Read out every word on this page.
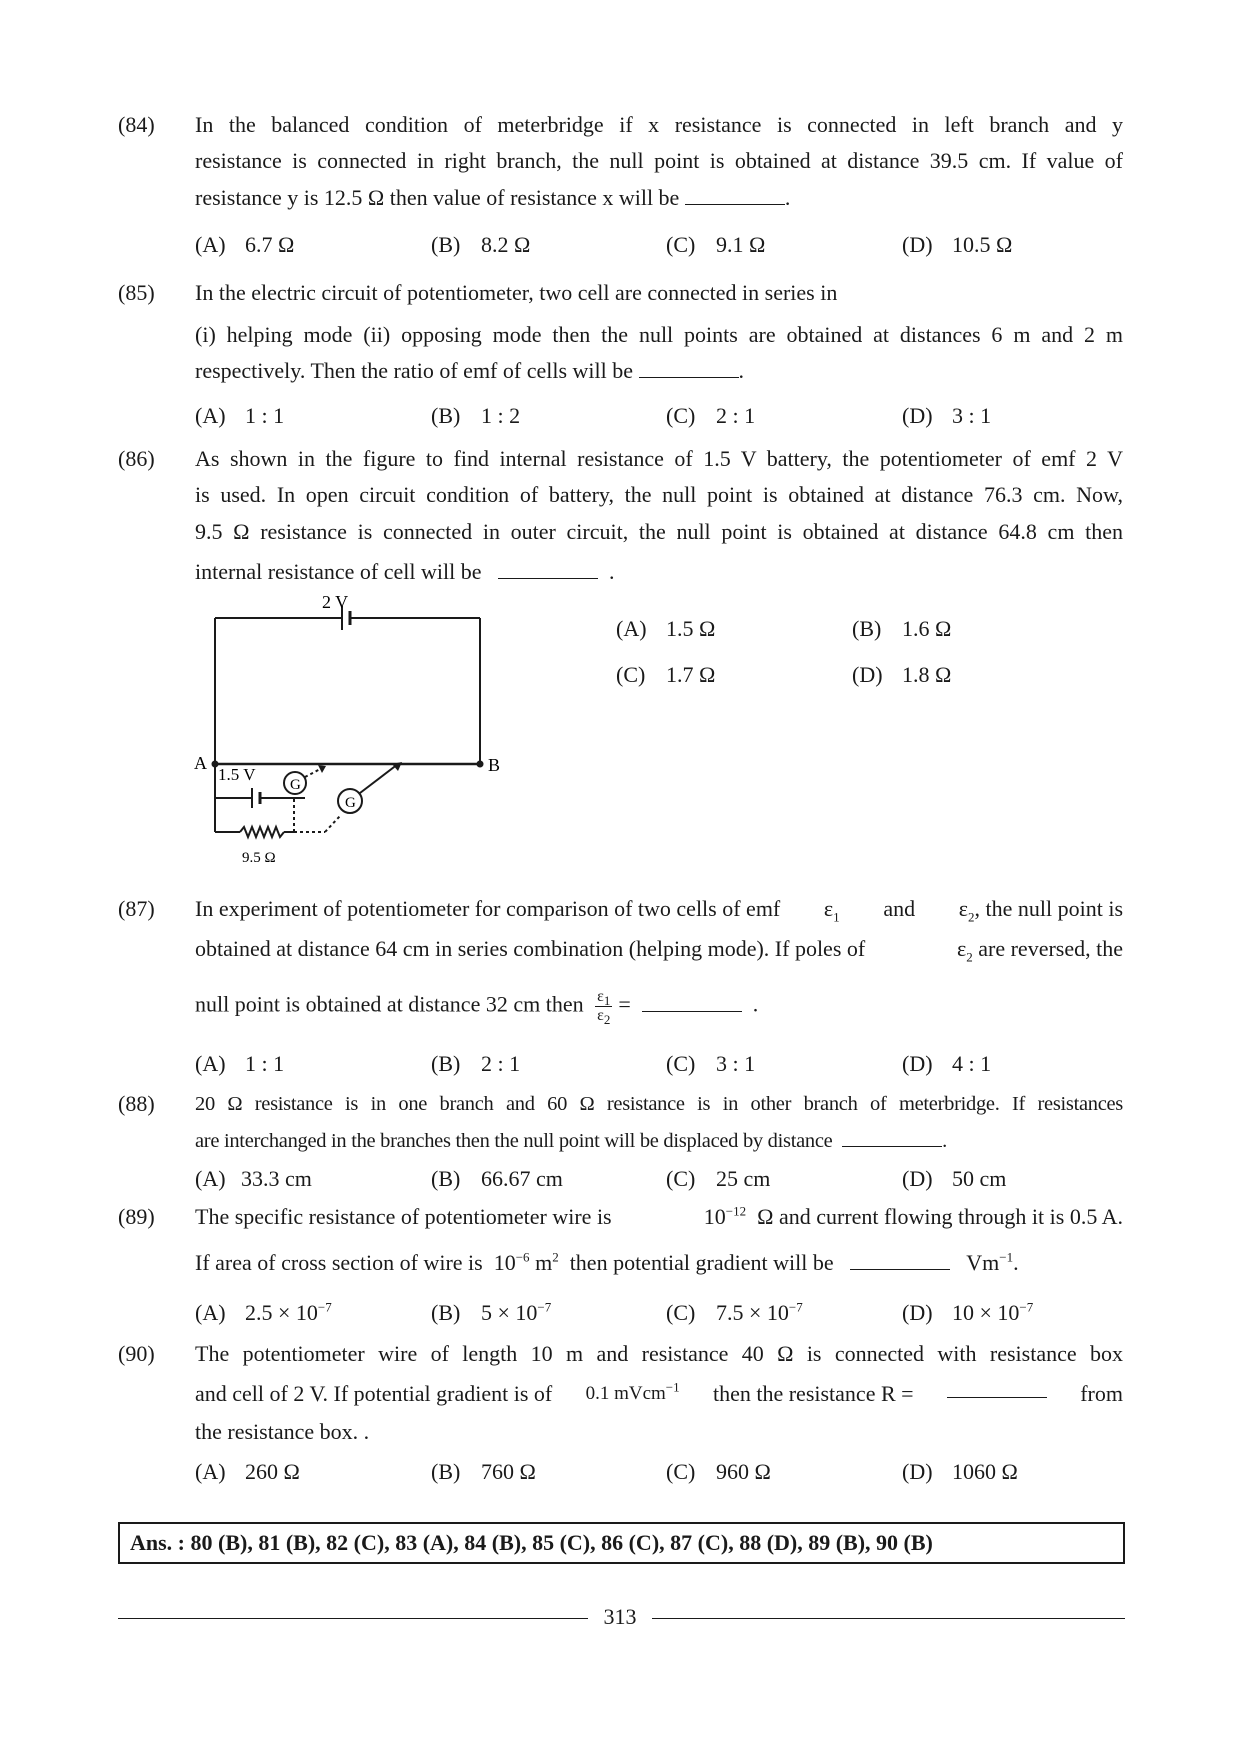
(84) In the balanced condition of meterbridge if x resistance is connected in left branch and y
resistance is connected in right branch, the null point is obtained at distance 39.5 cm. If value of
resistance y is 12.5 Ω then value of resistance x will be	.
(A) 6.7 Ω	(B) 8.2 Ω	(C) 9.1 Ω	(D) 10.5 Ω
(85) In the electric circuit of potentiometer, two cell are connected in series in
(i) helping mode (ii) opposing mode then the null points are obtained at distances 6 m and 2 m
respectively. Then the ratio of emf of cells will be	.
(A) 1 : 1	(B) 1 : 2	(C) 2 : 1	(D) 3 : 1
(86) As shown in the figure to find internal resistance of 1.5 V battery, the potentiometer of emf 2 V
is used. In open circuit condition of battery, the null point is obtained at distance 76.3 cm. Now,
9.5 Ω resistance is connected in outer circuit, the null point is obtained at distance 64.8 cm then
internal resistance of cell will be	.
(A) 1.5 Ω	(B) 1.6 Ω
(C) 1.7 Ω	(D) 1.8 Ω
2 V
A	B
1.5 V
G
G
9.5 Ω
(87) In experiment of potentiometer for comparison of two cells of emf $\varepsilon_1$ and $\varepsilon_2$, the null point is
obtained at distance 64 cm in series combination (helping mode). If poles of	$\varepsilon_2$ are reversed, the
null point is obtained at distance 32 cm then $\frac{\varepsilon_1}{\varepsilon_2}$ =	.
(A) 1 : 1	(B) 2 : 1	(C) 3 : 1	(D) 4 : 1
(88) 20 Ω resistance is in one branch and 60 Ω resistance is in other branch of meterbridge. If resistances
are interchanged in the branches then the null point will be displaced by distance	.
(A) 33.3 cm	(B) 66.67 cm	(C) 25 cm	(D) 50 cm
(89) The specific resistance of potentiometer wire is	$10^{-12}$ Ω and current flowing through it is 0.5 A.
If area of cross section of wire is $10^{-6}$ $m^2$ then potential gradient will be	$Vm^{-1}$.
(A) $2.5 \times 10^{-7}$	(B) $5 \times 10^{-7}$	(C) $7.5 \times 10^{-7}$	(D) $10 \times 10^{-7}$
(90) The potentiometer wire of length 10 m and resistance 40 Ω is connected with resistance box
and cell of 2 V. If potential gradient is of 0.1 mVcm$^{-1}$ then the resistance R =	from
the resistance box. .
(A) 260 Ω	(B) 760 Ω	(C) 960 Ω	(D) 1060 Ω
Ans. : 80 (B), 81 (B), 82 (C), 83 (A), 84 (B), 85 (C), 86 (C), 87 (C), 88 (D), 89 (B), 90 (B)
313
